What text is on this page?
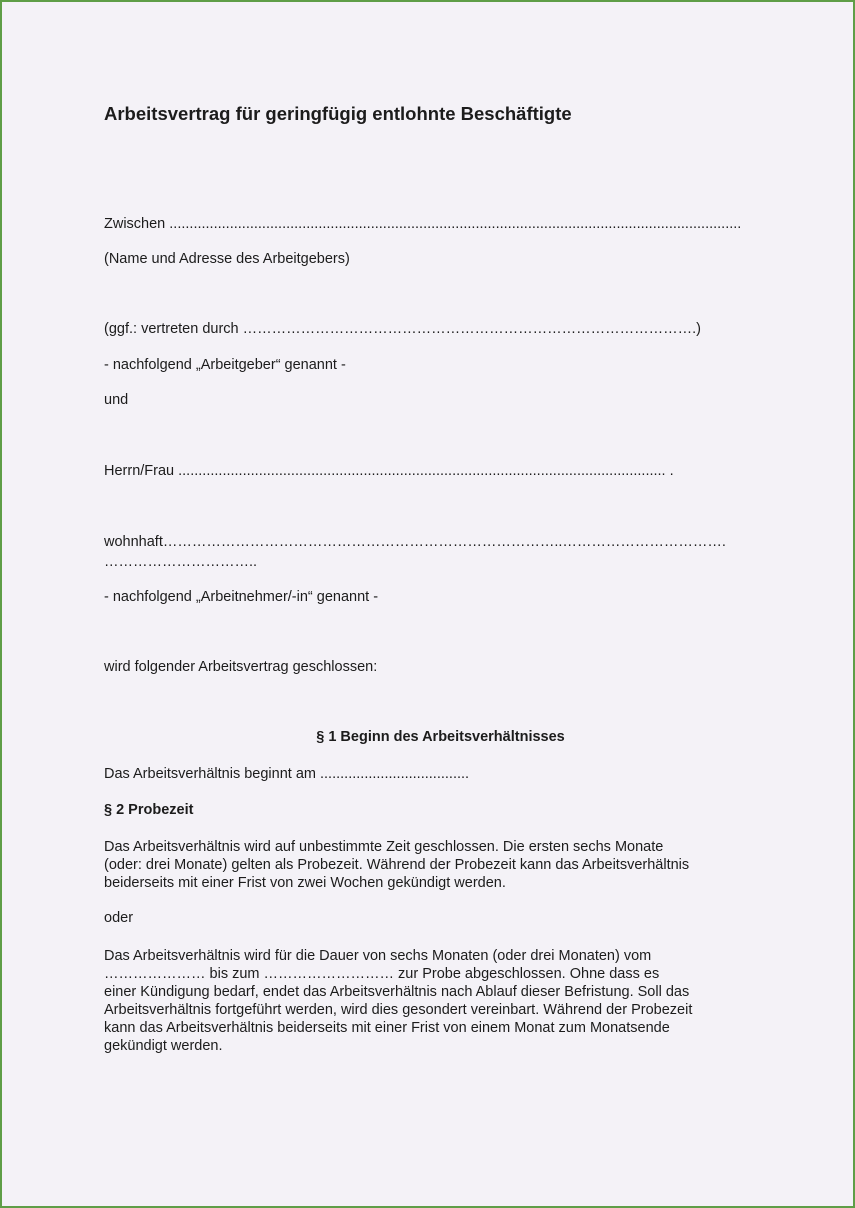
Arbeitsvertrag für geringfügig entlohnte Beschäftigte
Zwischen ..............................................................................................................................................
(Name und Adresse des Arbeitgebers)
(ggf.: vertreten durch ………………………………………………………………………………….)
- nachfolgend „Arbeitgeber“ genannt -
und
Herrn/Frau ......................................................................................................................... .
wohnhaft………………………………………………………………………..…………………………….
…………………………..
- nachfolgend „Arbeitnehmer/-in“ genannt -
wird folgender Arbeitsvertrag geschlossen:
§ 1 Beginn des Arbeitsverhältnisses
Das Arbeitsverhältnis beginnt am .....................................
§ 2 Probezeit
Das Arbeitsverhältnis wird auf unbestimmte Zeit geschlossen. Die ersten sechs Monate
(oder: drei Monate) gelten als Probezeit. Während der Probezeit kann das Arbeitsverhältnis
beiderseits mit einer Frist von zwei Wochen gekündigt werden.
oder
Das Arbeitsverhältnis wird für die Dauer von sechs Monaten (oder drei Monaten) vom
………………… bis zum ……………………… zur Probe abgeschlossen. Ohne dass es
einer Kündigung bedarf, endet das Arbeitsverhältnis nach Ablauf dieser Befristung. Soll das
Arbeitsverhältnis fortgeführt werden, wird dies gesondert vereinbart. Während der Probezeit
kann das Arbeitsverhältnis beiderseits mit einer Frist von einem Monat zum Monatsende
gekündigt werden.
